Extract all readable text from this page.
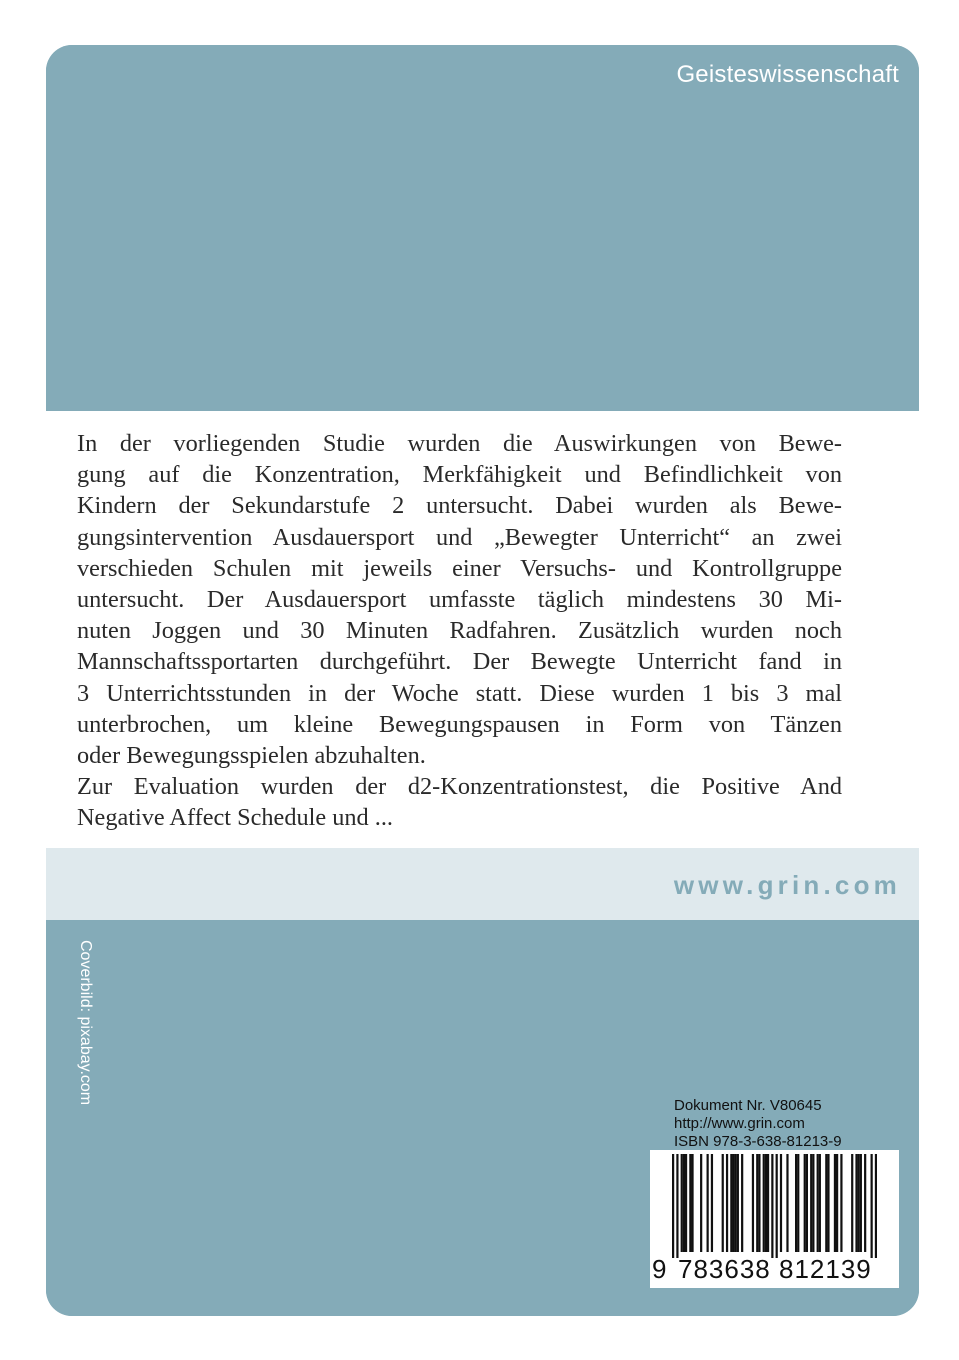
Geisteswissenschaft

In der vorliegenden Studie wurden die Auswirkungen von Bewe-
gung auf die Konzentration, Merkfähigkeit und Befindlichkeit von
Kindern der Sekundarstufe 2 untersucht. Dabei wurden als Bewe-
gungsintervention Ausdauersport und „Bewegter Unterricht“ an zwei
verschieden Schulen mit jeweils einer Versuchs- und Kontrollgruppe
untersucht. Der Ausdauersport umfasste täglich mindestens 30 Mi-
nuten Joggen und 30 Minuten Radfahren. Zusätzlich wurden noch
Mannschaftssportarten durchgeführt. Der Bewegte Unterricht fand in
3 Unterrichtsstunden in der Woche statt. Diese wurden 1 bis 3 mal
unterbrochen, um kleine Bewegungspausen in Form von Tänzen
oder Bewegungsspielen abzuhalten.
Zur Evaluation wurden der d2-Konzentrationstest, die Positive And
Negative Affect Schedule und ...

www.grin.com
Coverbild: pixabay.com
Dokument Nr. V80645
http://www.grin.com
ISBN 978-3-638-81213-9
9 783638 812139
